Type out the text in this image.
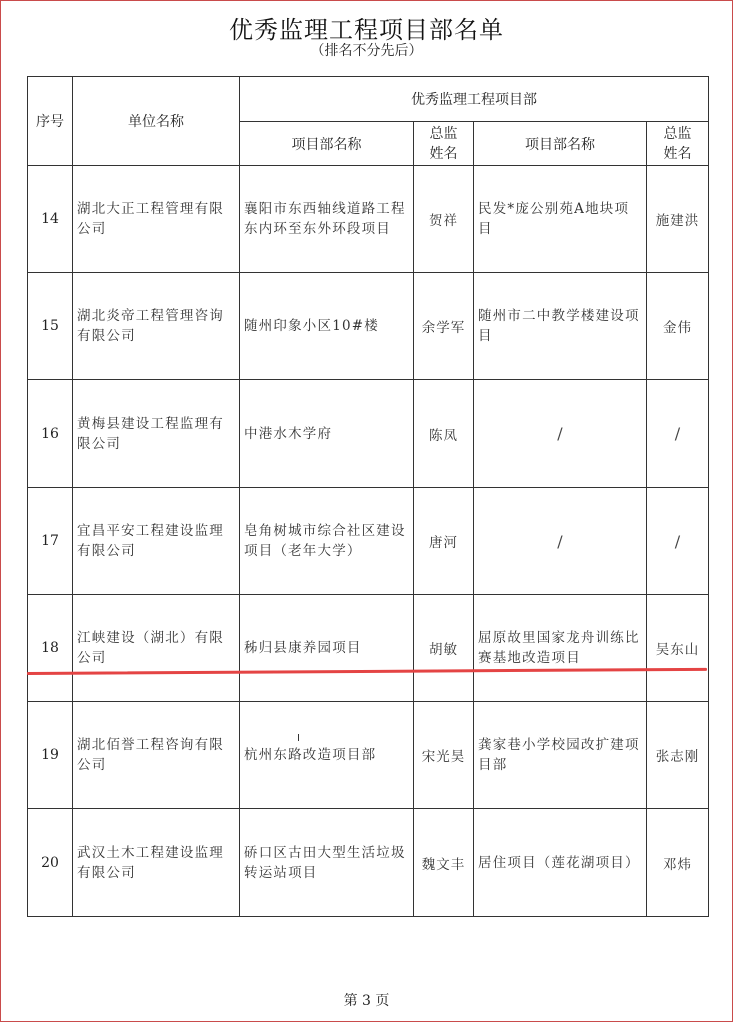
优秀监理工程项目部名单
（排名不分先后）
序号	单位名称	优秀监理工程项目部			
		项目部名称	总监姓名	项目部名称	总监姓名
14	湖北大正工程管理有限公司	襄阳市东西轴线道路工程东内环至东外环段项目	贺祥	民发*庞公别苑A地块项目	施建洪
15	湖北炎帝工程管理咨询有限公司	随州印象小区10#楼	余学军	随州市二中教学楼建设项目	金伟
16	黄梅县建设工程监理有限公司	中港水木学府	陈凤	/	/
17	宜昌平安工程建设监理有限公司	皂角树城市综合社区建设项目（老年大学）	唐河	/	/
18	江峡建设（湖北）有限公司	秭归县康养园项目	胡敏	屈原故里国家龙舟训练比赛基地改造项目	吴东山
19	湖北佰誉工程咨询有限公司	杭州东路改造项目部	宋光昊	龚家巷小学校园改扩建项目部	张志刚
20	武汉土木工程建设监理有限公司	硚口区古田大型生活垃圾转运站项目	魏文丰	居住项目（莲花湖项目）	邓炜
第 3 页
